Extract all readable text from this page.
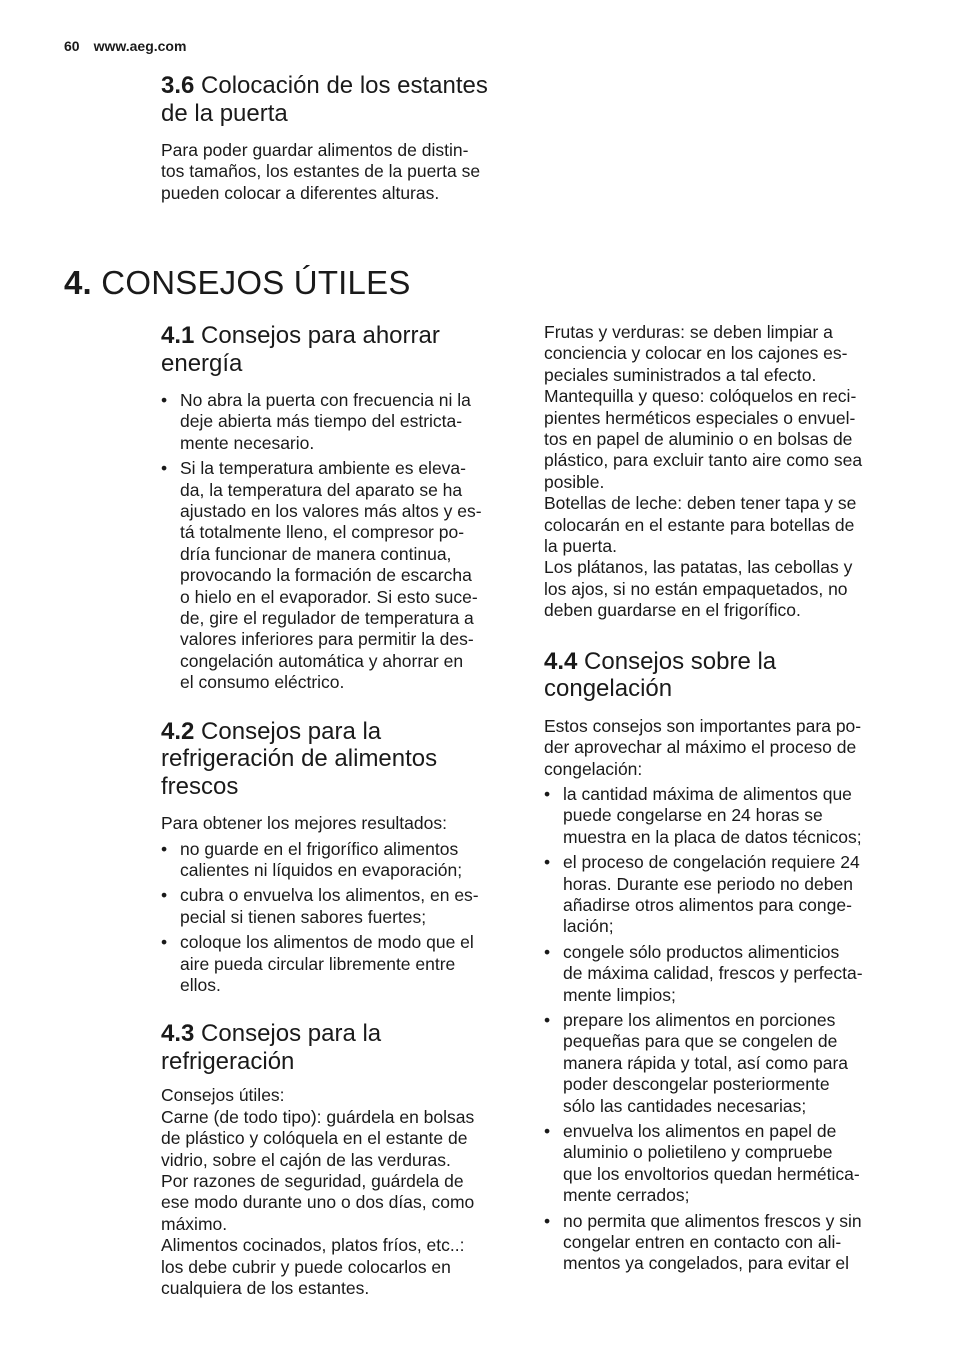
60 www.aeg.com
3.6 Colocación de los estantes
de la puerta

Para poder guardar alimentos de distin-
tos tamaños, los estantes de la puerta se
pueden colocar a diferentes alturas.

4. CONSEJOS ÚTILES
4.1 Consejos para ahorrar
energía
• No abra la puerta con frecuencia ni la
deje abierta más tiempo del estricta-
mente necesario.
• Si la temperatura ambiente es eleva-
da, la temperatura del aparato se ha
ajustado en los valores más altos y es-
tá totalmente lleno, el compresor po-
dría funcionar de manera continua,
provocando la formación de escarcha
o hielo en el evaporador. Si esto suce-
de, gire el regulador de temperatura a
valores inferiores para permitir la des-
congelación automática y ahorrar en
el consumo eléctrico.
4.2 Consejos para la
refrigeración de alimentos
frescos

Para obtener los mejores resultados:

• no guarde en el frigorífico alimentos
calientes ni líquidos en evaporación;
• cubra o envuelva los alimentos, en es-
pecial si tienen sabores fuertes;
• coloque los alimentos de modo que el
aire pueda circular libremente entre
ellos.
4.3 Consejos para la
refrigeración

Consejos útiles:
Carne (de todo tipo): guárdela en bolsas
de plástico y colóquela en el estante de
vidrio, sobre el cajón de las verduras.
Por razones de seguridad, guárdela de
ese modo durante uno o dos días, como
máximo.
Alimentos cocinados, platos fríos, etc..:
los debe cubrir y puede colocarlos en
cualquiera de los estantes.

Frutas y verduras: se deben limpiar a
conciencia y colocar en los cajones es-
peciales suministrados a tal efecto.
Mantequilla y queso: colóquelos en reci-
pientes herméticos especiales o envuel-
tos en papel de aluminio o en bolsas de
plástico, para excluir tanto aire como sea
posible.
Botellas de leche: deben tener tapa y se
colocarán en el estante para botellas de
la puerta.
Los plátanos, las patatas, las cebollas y
los ajos, si no están empaquetados, no
deben guardarse en el frigorífico.

4.4 Consejos sobre la
congelación

Estos consejos son importantes para po-
der aprovechar al máximo el proceso de
congelación:

• la cantidad máxima de alimentos que
puede congelarse en 24 horas se
muestra en la placa de datos técnicos;
• el proceso de congelación requiere 24
horas. Durante ese periodo no deben
añadirse otros alimentos para conge-
lación;
• congele sólo productos alimenticios
de máxima calidad, frescos y perfecta-
mente limpios;
• prepare los alimentos en porciones
pequeñas para que se congelen de
manera rápida y total, así como para
poder descongelar posteriormente
sólo las cantidades necesarias;
• envuelva los alimentos en papel de
aluminio o polietileno y compruebe
que los envoltorios quedan hermética-
mente cerrados;
• no permita que alimentos frescos y sin
congelar entren en contacto con ali-
mentos ya congelados, para evitar el
